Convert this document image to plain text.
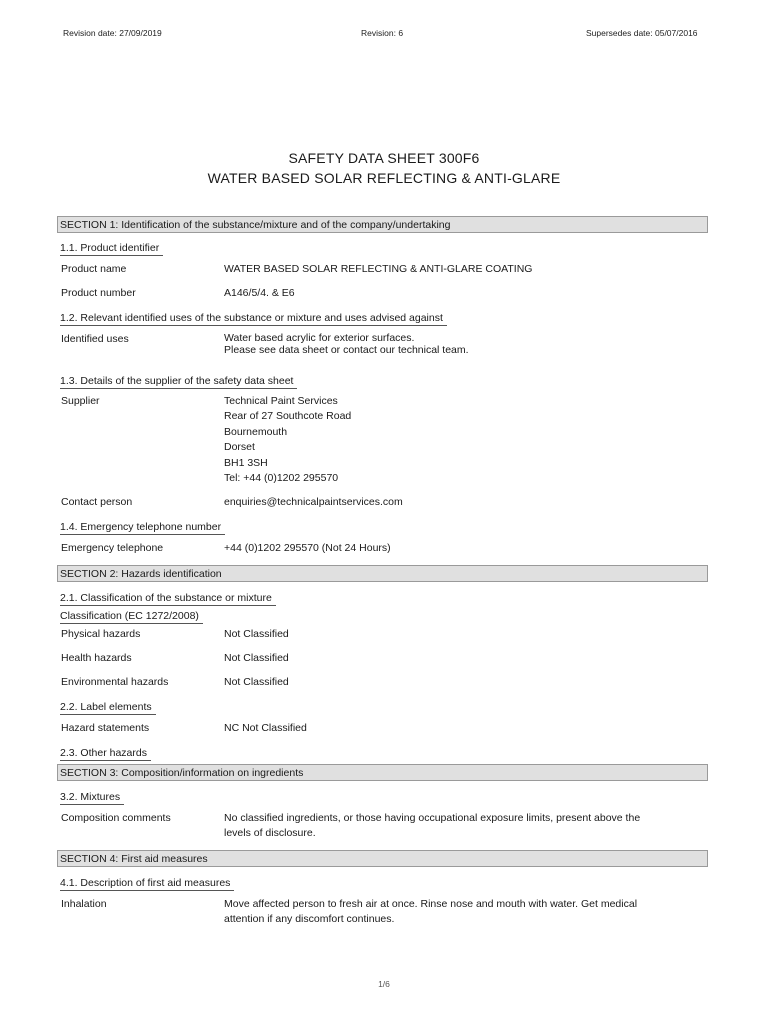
Revision date: 27/09/2019	Revision: 6	Supersedes date: 05/07/2016
SAFETY DATA SHEET 300F6
WATER BASED SOLAR REFLECTING & ANTI-GLARE
SECTION 1: Identification of the substance/mixture and of the company/undertaking
1.1. Product identifier
Product name	WATER BASED SOLAR REFLECTING & ANTI-GLARE COATING
Product number	A146/5/4. & E6
1.2. Relevant identified uses of the substance or mixture and uses advised against
Identified uses	Water based acrylic for exterior surfaces.
Please see data sheet or contact our technical team.
1.3. Details of the supplier of the safety data sheet
Supplier	Technical Paint Services
Rear of 27 Southcote Road
Bournemouth
Dorset
BH1 3SH
Tel: +44 (0)1202 295570
Contact person	enquiries@technicalpaintservices.com
1.4. Emergency telephone number
Emergency telephone	+44 (0)1202 295570 (Not 24 Hours)
SECTION 2: Hazards identification
2.1. Classification of the substance or mixture
Classification (EC 1272/2008)
Physical hazards	Not Classified
Health hazards	Not Classified
Environmental hazards	Not Classified
2.2. Label elements
Hazard statements	NC Not Classified
2.3. Other hazards
SECTION 3: Composition/information on ingredients
3.2. Mixtures
Composition comments	No classified ingredients, or those having occupational exposure limits, present above the
levels of disclosure.
SECTION 4: First aid measures
4.1. Description of first aid measures
Inhalation	Move affected person to fresh air at once. Rinse nose and mouth with water. Get medical
attention if any discomfort continues.
1/6
